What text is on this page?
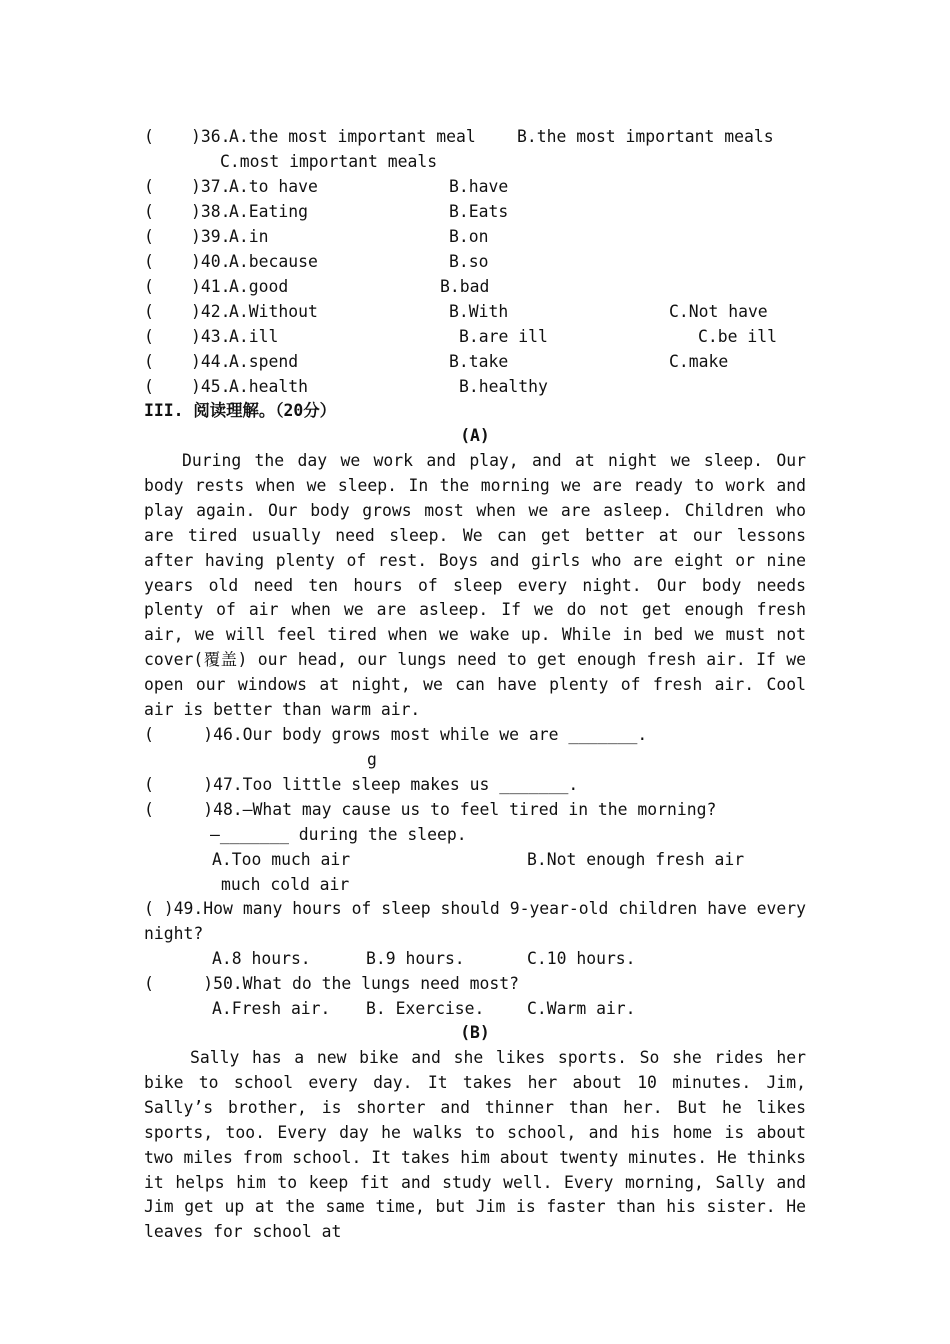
( )36.
A.the most important meal	B.the most important meals
C.most important meals
( )37.
A.to have	B.have
( )38.
A.Eating	B.Eats
( )39.
A.in	B.on
( )40.
A.because	B.so
( )41.
A.good	B.bad
( )42.
A.Without	B.With	C.Not have
( )43.
A.ill	B.are ill	C.be ill
( )44.
A.spend	B.take	C.make
( )45.
A.health	B.healthy
III. 阅读理解。（20分）
(A)
During the day we work and play, and at night we sleep. Our body rests when we sleep. In the morning we are ready to work and play again. Our body grows most when we are asleep. Children who are tired usually need sleep. We can get better at our lessons after having plenty of rest. Boys and girls who are eight or nine years old need ten hours of sleep every night. Our body needs plenty of air when we are asleep. If we do not get enough fresh air, we will feel tired when we wake up. While in bed we must not cover(覆盖) our head, our lungs need to get enough fresh air. If we open our windows at night, we can have plenty of fresh air. Cool air is better than warm air.
(     )46.Our body grows most while we are _______.
g
(     )47.Too little sleep makes us _______.
(     )48.—What may cause us to feel tired in the morning?
—_______ during the sleep.
A.Too much air	B.Not enough fresh air
much cold air
( )49.How many hours of sleep should 9-year-old children have every night?
A.8 hours.	B.9 hours.	C.10 hours.
(     )50.What do the lungs need most?
A.Fresh air. B. Exercise.	C.Warm air.
(B)
Sally has a new bike and she likes sports. So she rides her bike to school every day. It takes her about 10 minutes. Jim, Sally’s brother, is shorter and thinner than her. But he likes sports, too. Every day he walks to school, and his home is about two miles from school. It takes him about twenty minutes. He thinks it helps him to keep fit and study well. Every morning, Sally and Jim get up at the same time, but Jim is faster than his sister. He leaves for school at
